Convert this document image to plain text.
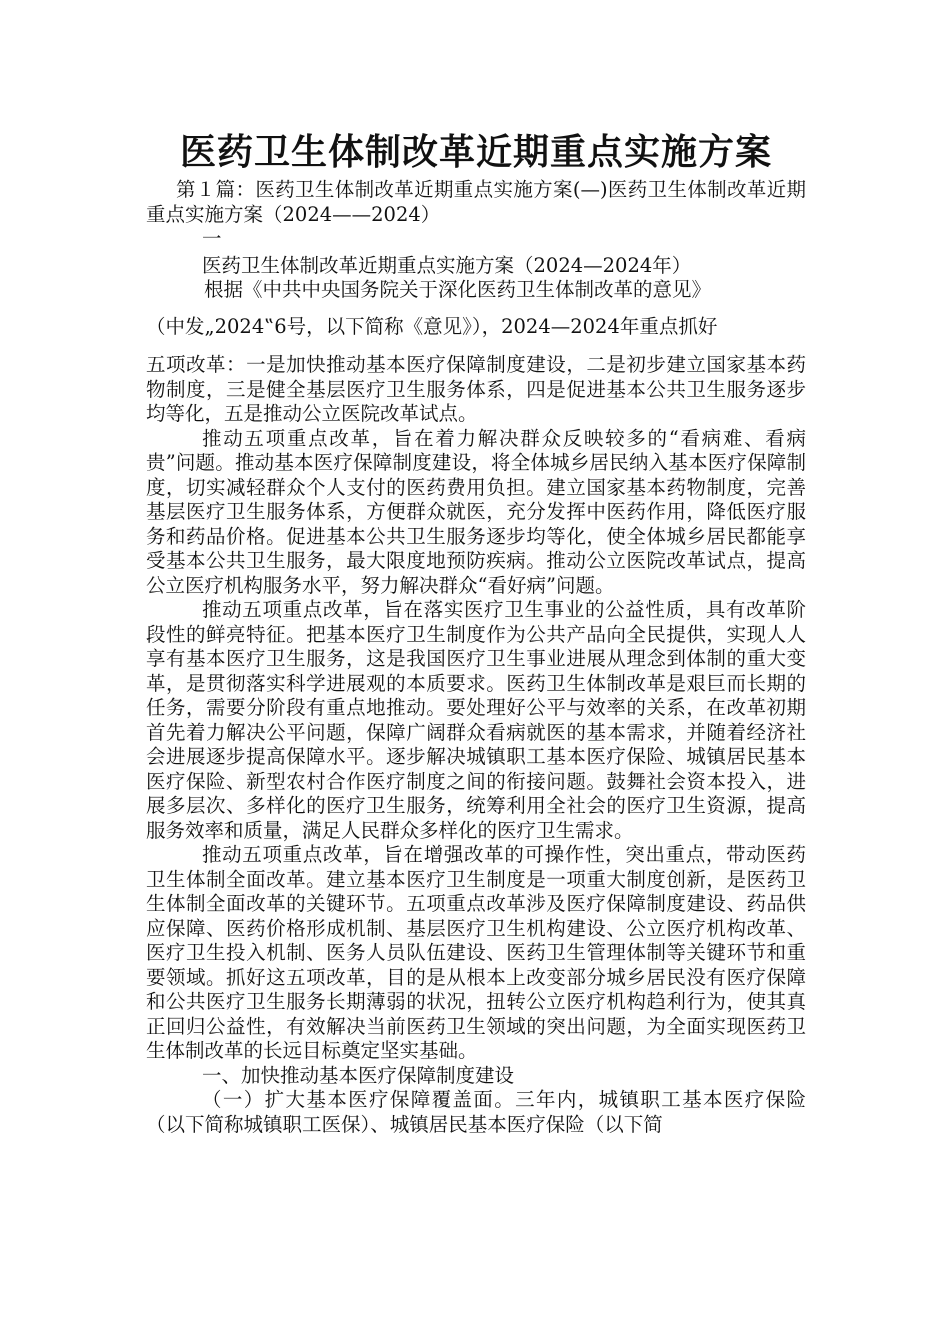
医药卫生体制改革近期重点实施方案

第１篇：医药卫生体制改革近期重点实施方案(—)医药卫生体制改革近期重点实施方案（2024——2024）

一

医药卫生体制改革近期重点实施方案（2024—2024年）

根据《中共中央国务院关于深化医药卫生体制改革的意见》

（中发„2024‟6号，以下简称《意见》），2024—2024年重点抓好

五项改革：一是加快推动基本医疗保障制度建设，二是初步建立国家基本药物制度，三是健全基层医疗卫生服务体系，四是促进基本公共卫生服务逐步均等化，五是推动公立医院改革试点。

推动五项重点改革，旨在着力解决群众反映较多的“看病难、看病贵”问题。推动基本医疗保障制度建设，将全体城乡居民纳入基本医疗保障制度，切实减轻群众个人支付的医药费用负担。建立国家基本药物制度，完善基层医疗卫生服务体系，方便群众就医，充分发挥中医药作用，降低医疗服务和药品价格。促进基本公共卫生服务逐步均等化，使全体城乡居民都能享受基本公共卫生服务，最大限度地预防疾病。推动公立医院改革试点，提高公立医疗机构服务水平，努力解决群众“看好病”问题。

推动五项重点改革，旨在落实医疗卫生事业的公益性质，具有改革阶段性的鲜亮特征。把基本医疗卫生制度作为公共产品向全民提供，实现人人享有基本医疗卫生服务，这是我国医疗卫生事业进展从理念到体制的重大变革，是贯彻落实科学进展观的本质要求。医药卫生体制改革是艰巨而长期的任务，需要分阶段有重点地推动。要处理好公平与效率的关系，在改革初期首先着力解决公平问题，保障广阔群众看病就医的基本需求，并随着经济社会进展逐步提高保障水平。逐步解决城镇职工基本医疗保险、城镇居民基本医疗保险、新型农村合作医疗制度之间的衔接问题。鼓舞社会资本投入，进展多层次、多样化的医疗卫生服务，统筹利用全社会的医疗卫生资源，提高服务效率和质量，满足人民群众多样化的医疗卫生需求。

推动五项重点改革，旨在增强改革的可操作性，突出重点，带动医药卫生体制全面改革。建立基本医疗卫生制度是一项重大制度创新，是医药卫生体制全面改革的关键环节。五项重点改革涉及医疗保障制度建设、药品供应保障、医药价格形成机制、基层医疗卫生机构建设、公立医疗机构改革、医疗卫生投入机制、医务人员队伍建设、医药卫生管理体制等关键环节和重要领域。抓好这五项改革，目的是从根本上改变部分城乡居民没有医疗保障和公共医疗卫生服务长期薄弱的状况，扭转公立医疗机构趋利行为，使其真正回归公益性，有效解决当前医药卫生领域的突出问题，为全面实现医药卫生体制改革的长远目标奠定坚实基础。

一、加快推动基本医疗保障制度建设

（一）扩大基本医疗保障覆盖面。三年内，城镇职工基本医疗保险（以下简称城镇职工医保）、城镇居民基本医疗保险（以下简
